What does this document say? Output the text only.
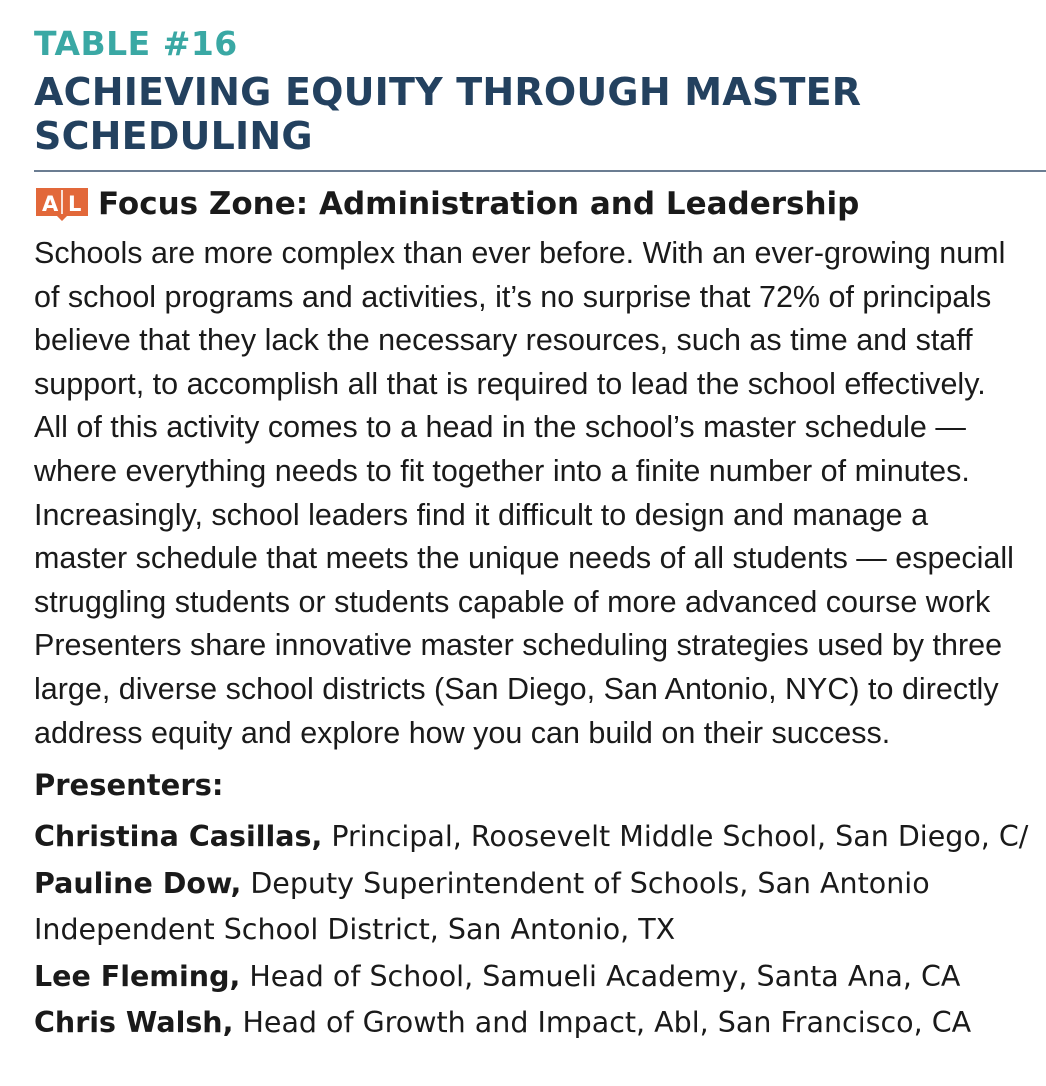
TABLE #16
ACHIEVING EQUITY THROUGH MASTER
SCHEDULING
A L Focus Zone: Administration and Leadership
Schools are more complex than ever before. With an ever-growing numl
of school programs and activities, it’s no surprise that 72% of principals
believe that they lack the necessary resources, such as time and staff
support, to accomplish all that is required to lead the school effectively.
All of this activity comes to a head in the school’s master schedule —
where everything needs to fit together into a finite number of minutes.
Increasingly, school leaders find it difficult to design and manage a
master schedule that meets the unique needs of all students — especiall
struggling students or students capable of more advanced course work
Presenters share innovative master scheduling strategies used by three
large, diverse school districts (San Diego, San Antonio, NYC) to directly
address equity and explore how you can build on their success.
Presenters:
Christina Casillas, Principal, Roosevelt Middle School, San Diego, C/
Pauline Dow, Deputy Superintendent of Schools, San Antonio
Independent School District, San Antonio, TX
Lee Fleming, Head of School, Samueli Academy, Santa Ana, CA
Chris Walsh, Head of Growth and Impact, Abl, San Francisco, CA
